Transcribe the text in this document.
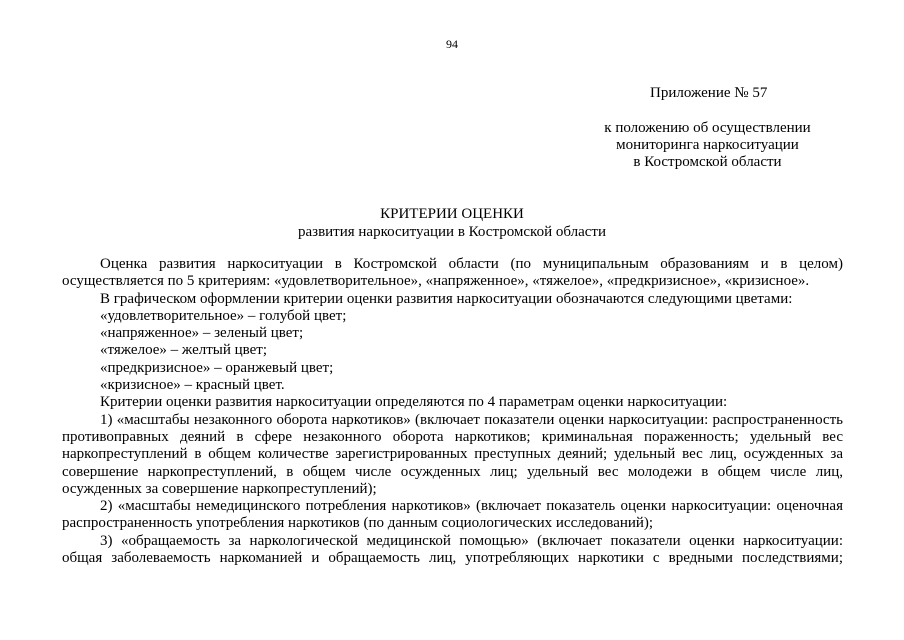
94
Приложение № 57
к положению об осуществлении
мониторинга наркоситуации
в Костромской области
КРИТЕРИИ ОЦЕНКИ
развития наркоситуации в Костромской области
Оценка развития наркоситуации в Костромской области (по муниципальным образованиям и в целом)
осуществляется по 5 критериям: «удовлетворительное», «напряженное», «тяжелое», «предкризисное», «кризисное».
В графическом оформлении критерии оценки развития наркоситуации обозначаются следующими цветами:
«удовлетворительное» – голубой цвет;
«напряженное» – зеленый цвет;
«тяжелое» – желтый цвет;
«предкризисное» – оранжевый цвет;
«кризисное» – красный цвет.
Критерии оценки развития наркоситуации определяются по 4 параметрам оценки наркоситуации:
1) «масштабы незаконного оборота наркотиков» (включает показатели оценки наркоситуации: распространенность
противоправных деяний в сфере незаконного оборота наркотиков; криминальная пораженность; удельный вес
наркопреступлений в общем количестве зарегистрированных преступных деяний; удельный вес лиц, осужденных за
совершение наркопреступлений, в общем числе осужденных лиц; удельный вес молодежи в общем числе лиц,
осужденных за совершение наркопреступлений);
2) «масштабы немедицинского потребления наркотиков» (включает показатель оценки наркоситуации: оценочная
распространенность употребления наркотиков (по данным социологических исследований);
3) «обращаемость за наркологической медицинской помощью» (включает показатели оценки наркоситуации:
общая заболеваемость наркоманией и обращаемость лиц, употребляющих наркотики с вредными последствиями;
